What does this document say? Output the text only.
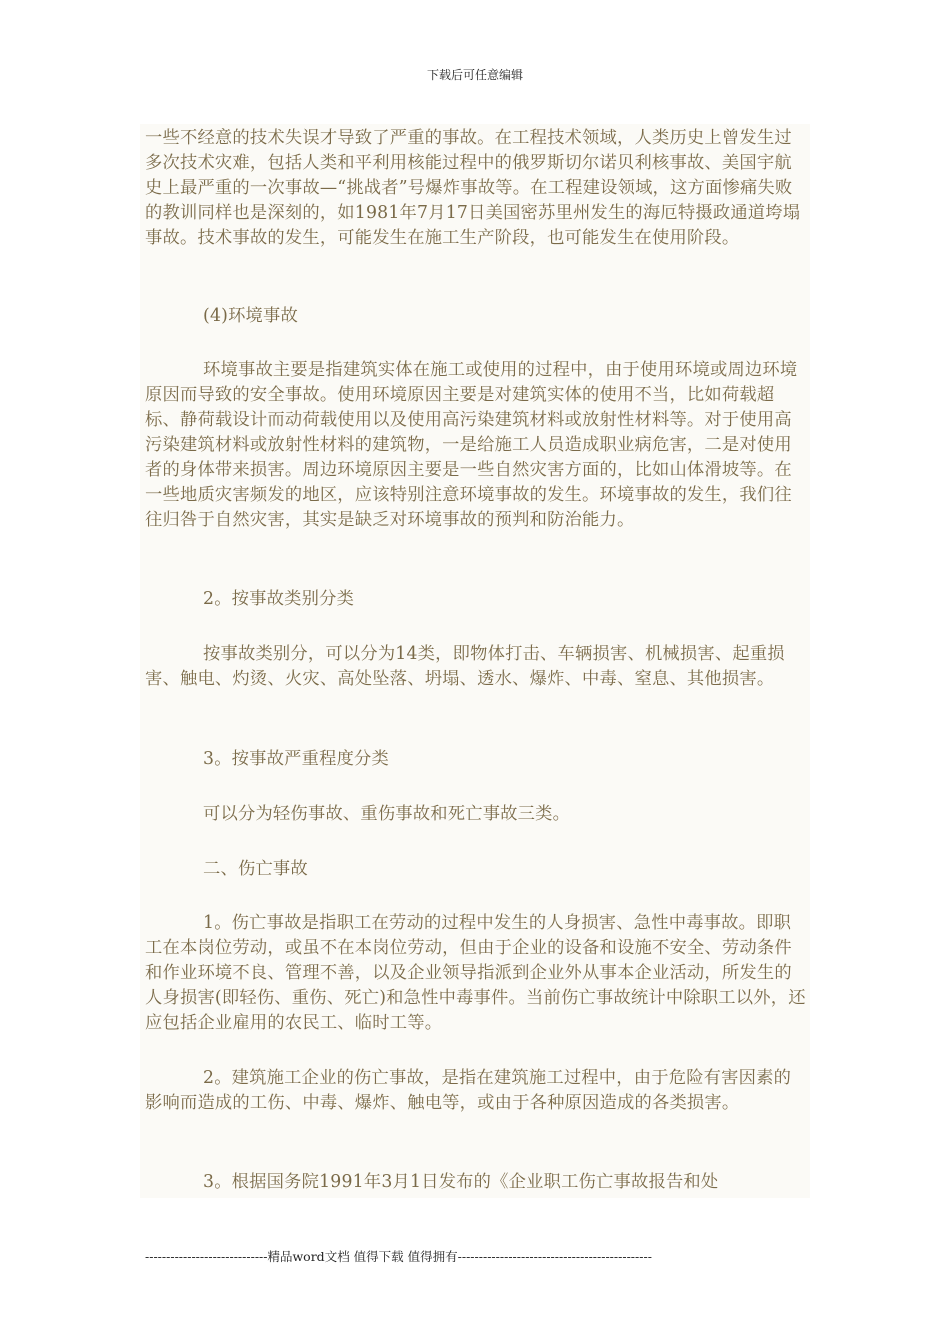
下载后可任意编辑

一些不经意的技术失误才导致了严重的事故。在工程技术领域，人类历史上曾发生过多次技术灾难，包括人类和平利用核能过程中的俄罗斯切尔诺贝利核事故、美国宇航史上最严重的一次事故—“挑战者”号爆炸事故等。在工程建设领域，这方面惨痛失败的教训同样也是深刻的，如1981年7月17日美国密苏里州发生的海厄特摄政通道垮塌事故。技术事故的发生，可能发生在施工生产阶段，也可能发生在使用阶段。

(4)环境事故

环境事故主要是指建筑实体在施工或使用的过程中，由于使用环境或周边环境原因而导致的安全事故。使用环境原因主要是对建筑实体的使用不当，比如荷载超标、静荷载设计而动荷载使用以及使用高污染建筑材料或放射性材料等。对于使用高污染建筑材料或放射性材料的建筑物，一是给施工人员造成职业病危害，二是对使用者的身体带来损害。周边环境原因主要是一些自然灾害方面的，比如山体滑坡等。在一些地质灾害频发的地区，应该特别注意环境事故的发生。环境事故的发生，我们往往归咎于自然灾害，其实是缺乏对环境事故的预判和防治能力。

2。按事故类别分类

按事故类别分，可以分为14类，即物体打击、车辆损害、机械损害、起重损害、触电、灼烫、火灾、高处坠落、坍塌、透水、爆炸、中毒、窒息、其他损害。

3。按事故严重程度分类

可以分为轻伤事故、重伤事故和死亡事故三类。

二、伤亡事故

1。伤亡事故是指职工在劳动的过程中发生的人身损害、急性中毒事故。即职工在本岗位劳动，或虽不在本岗位劳动，但由于企业的设备和设施不安全、劳动条件和作业环境不良、管理不善，以及企业领导指派到企业外从事本企业活动，所发生的人身损害(即轻伤、重伤、死亡)和急性中毒事件。当前伤亡事故统计中除职工以外，还应包括企业雇用的农民工、临时工等。

2。建筑施工企业的伤亡事故，是指在建筑施工过程中，由于危险有害因素的影响而造成的工伤、中毒、爆炸、触电等，或由于各种原因造成的各类损害。

3。根据国务院1991年3月1日发布的《企业职工伤亡事故报告和处

-----------------------------精品word文档 值得下载 值得拥有----------------------------------------------
